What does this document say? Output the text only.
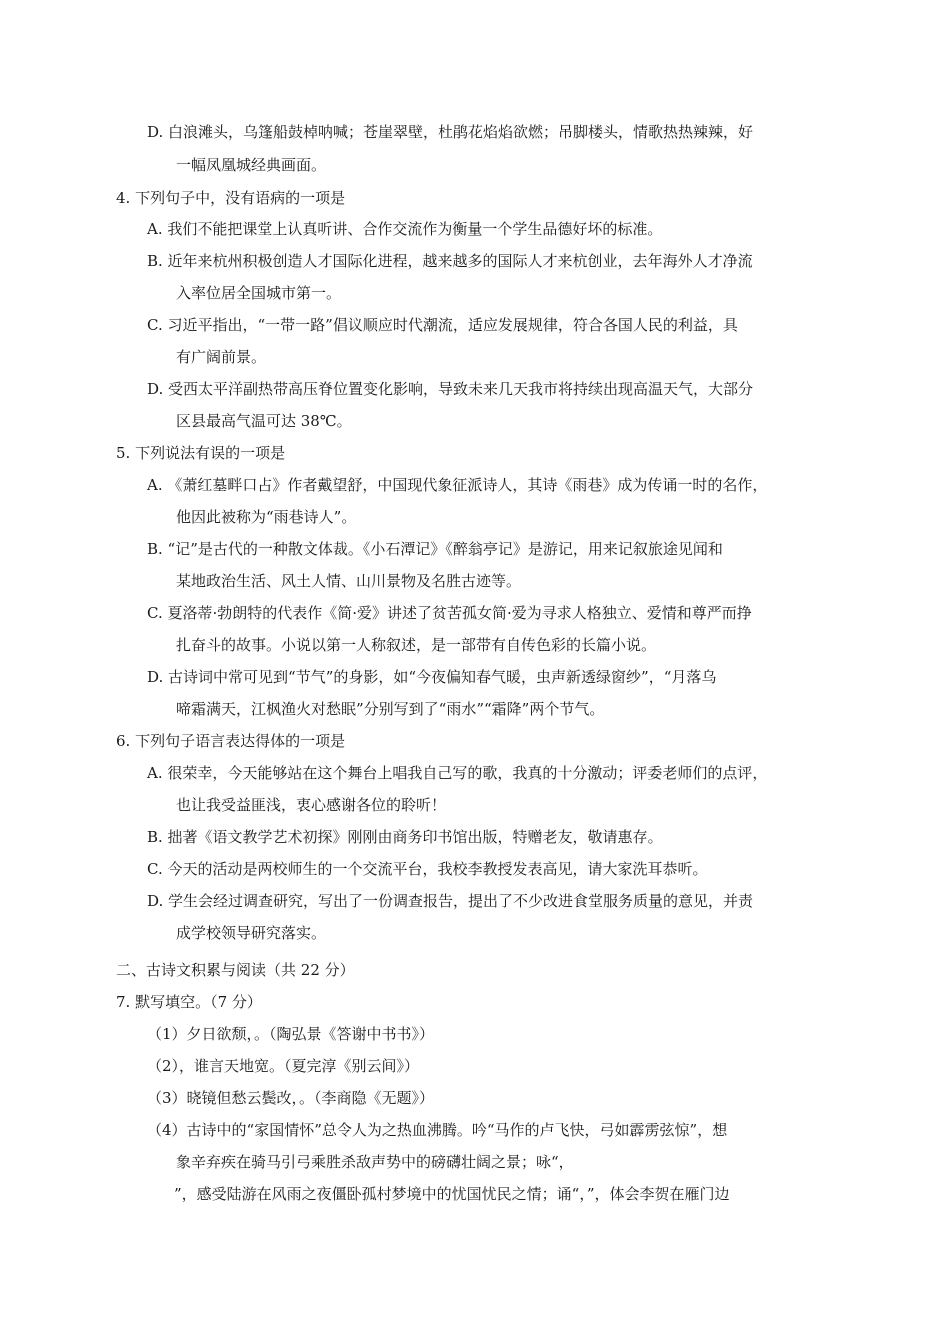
D. 白浪滩头，乌篷船鼓棹呐喊；苍崖翠壁，杜鹃花焰焰欲燃；吊脚楼头，情歌热热辣辣，好
一幅凤凰城经典画面。
4. 下列句子中，没有语病的一项是
A. 我们不能把课堂上认真听讲、合作交流作为衡量一个学生品德好坏的标准。
B. 近年来杭州积极创造人才国际化进程，越来越多的国际人才来杭创业，去年海外人才净流
入率位居全国城市第一。
C. 习近平指出，“一带一路”倡议顺应时代潮流，适应发展规律，符合各国人民的利益，具
有广阔前景。
D. 受西太平洋副热带高压脊位置变化影响，导致未来几天我市将持续出现高温天气，大部分
区县最高气温可达 38℃。
5. 下列说法有误的一项是
A. 《萧红墓畔口占》作者戴望舒，中国现代象征派诗人，其诗《雨巷》成为传诵一时的名作，
他因此被称为“雨巷诗人”。
B. “记”是古代的一种散文体裁。《小石潭记》《醉翁亭记》是游记，用来记叙旅途见闻和
某地政治生活、风土人情、山川景物及名胜古迹等。
C. 夏洛蒂·勃朗特的代表作《简·爱》讲述了贫苦孤女简·爱为寻求人格独立、爱情和尊严而挣
扎奋斗的故事。小说以第一人称叙述，是一部带有自传色彩的长篇小说。
D. 古诗词中常可见到“节气”的身影，如“今夜偏知春气暖，虫声新透绿窗纱”，“月落乌
啼霜满天，江枫渔火对愁眠”分别写到了“雨水”“霜降”两个节气。
6. 下列句子语言表达得体的一项是
A. 很荣幸，今天能够站在这个舞台上唱我自己写的歌，我真的十分激动；评委老师们的点评，
也让我受益匪浅，衷心感谢各位的聆听！
B. 拙著《语文教学艺术初探》刚刚由商务印书馆出版，特赠老友，敬请惠存。
C. 今天的活动是两校师生的一个交流平台，我校李教授发表高见，请大家洗耳恭听。
D. 学生会经过调查研究，写出了一份调查报告，提出了不少改进食堂服务质量的意见，并责
成学校领导研究落实。
二、古诗文积累与阅读（共 22 分）
7. 默写填空。（7 分）
（1）夕日欲颓，。（陶弘景《答谢中书书》）
（2），谁言天地宽。（夏完淳《别云间》）
（3）晓镜但愁云鬓改，。（李商隐《无题》）
（4）古诗中的“家国情怀”总令人为之热血沸腾。吟“马作的卢飞快，弓如霹雳弦惊”，想
象辛弃疾在骑马引弓乘胜杀敌声势中的磅礴壮阔之景；咏“，
”，感受陆游在风雨之夜僵卧孤村梦境中的忧国忧民之情；诵“，”，体会李贺在雁门边
